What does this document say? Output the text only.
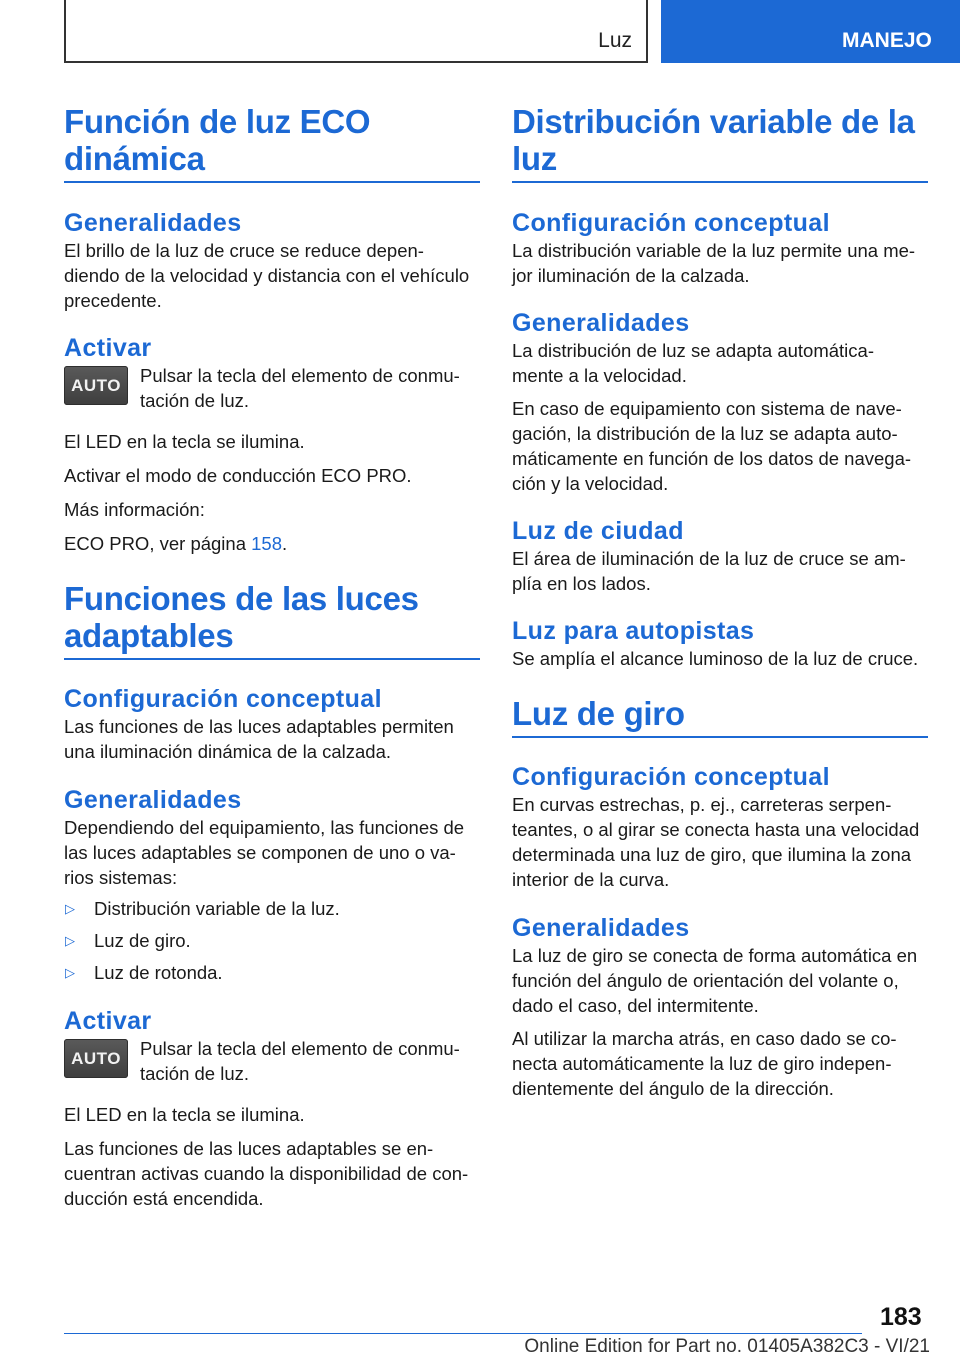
Luz	MANEJO
Función de luz ECO dinámica
Generalidades

El brillo de la luz de cruce se reduce depen- diendo de la velocidad y distancia con el vehículo precedente.

Activar
AUTO	Pulsar la tecla del elemento de conmu- tación de luz.

El LED en la tecla se ilumina.

Activar el modo de conducción ECO PRO.

Más información:

ECO PRO, ver página 158.

Funciones de las luces adaptables
Configuración conceptual

Las funciones de las luces adaptables permiten una iluminación dinámica de la calzada.

Generalidades

Dependiendo del equipamiento, las funciones de las luces adaptables se componen de uno o va- rios sistemas:

▷	Distribución variable de la luz.
▷	Luz de giro.
▷	Luz de rotonda.
Activar
AUTO	Pulsar la tecla del elemento de conmu- tación de luz.

El LED en la tecla se ilumina.

Las funciones de las luces adaptables se en- cuentran activas cuando la disponibilidad de con- ducción está encendida.

Distribución variable de la luz
Configuración conceptual

La distribución variable de la luz permite una me- jor iluminación de la calzada.

Generalidades

La distribución de luz se adapta automática- mente a la velocidad.

En caso de equipamiento con sistema de nave- gación, la distribución de la luz se adapta auto- máticamente en función de los datos de navega- ción y la velocidad.

Luz de ciudad

El área de iluminación de la luz de cruce se am- plía en los lados.

Luz para autopistas

Se amplía el alcance luminoso de la luz de cruce.

Luz de giro
Configuración conceptual

En curvas estrechas, p. ej., carreteras serpen- teantes, o al girar se conecta hasta una velocidad determinada una luz de giro, que ilumina la zona interior de la curva.

Generalidades

La luz de giro se conecta de forma automática en función del ángulo de orientación del volante o, dado el caso, del intermitente.

Al utilizar la marcha atrás, en caso dado se co- necta automáticamente la luz de giro indepen- dientemente del ángulo de la dirección.

183
Online Edition for Part no. 01405A382C3 - VI/21
